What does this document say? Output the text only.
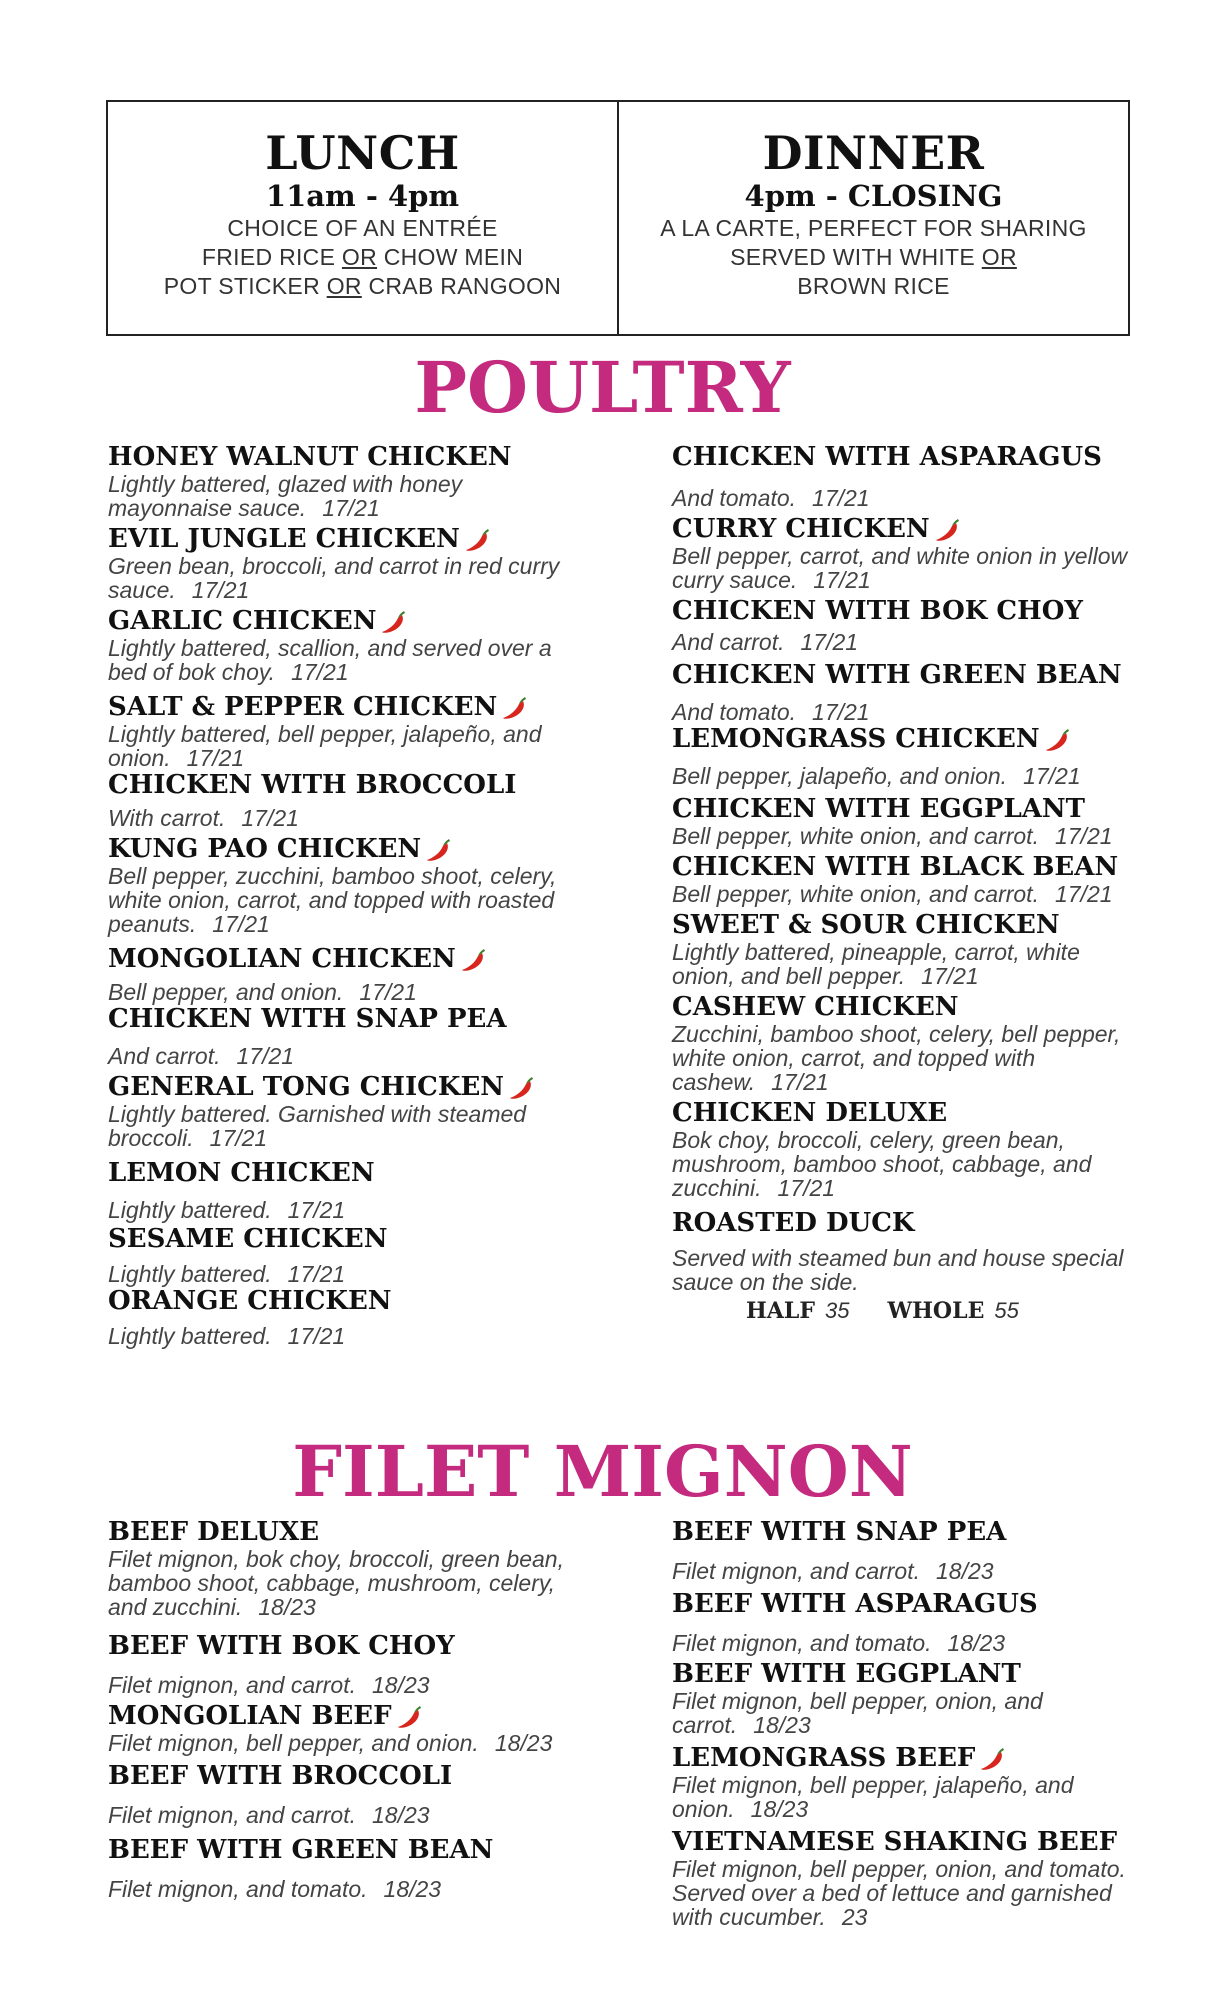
LUNCH
11am - 4pm
CHOICE OF AN ENTRÉE
FRIED RICE OR CHOW MEIN
POT STICKER OR CRAB RANGOON
DINNER
4pm - CLOSING
A LA CARTE, PERFECT FOR SHARING
SERVED WITH WHITE OR
BROWN RICE
POULTRY
HONEY WALNUT CHICKEN
Lightly battered, glazed with honey mayonnaise sauce. 17/21
EVIL JUNGLE CHICKEN
Green bean, broccoli, and carrot in red curry sauce. 17/21
GARLIC CHICKEN
Lightly battered, scallion, and served over a bed of bok choy. 17/21
SALT & PEPPER CHICKEN
Lightly battered, bell pepper, jalapeño, and onion. 17/21
CHICKEN WITH BROCCOLI
With carrot. 17/21
KUNG PAO CHICKEN
Bell pepper, zucchini, bamboo shoot, celery, white onion, carrot, and topped with roasted peanuts. 17/21
MONGOLIAN CHICKEN
Bell pepper, and onion. 17/21
CHICKEN WITH SNAP PEA
And carrot. 17/21
GENERAL TONG CHICKEN
Lightly battered. Garnished with steamed broccoli. 17/21
LEMON CHICKEN
Lightly battered. 17/21
SESAME CHICKEN
Lightly battered. 17/21
ORANGE CHICKEN
Lightly battered. 17/21
CHICKEN WITH ASPARAGUS
And tomato. 17/21
CURRY CHICKEN
Bell pepper, carrot, and white onion in yellow curry sauce. 17/21
CHICKEN WITH BOK CHOY
And carrot. 17/21
CHICKEN WITH GREEN BEAN
And tomato. 17/21
LEMONGRASS CHICKEN
Bell pepper, jalapeño, and onion. 17/21
CHICKEN WITH EGGPLANT
Bell pepper, white onion, and carrot. 17/21
CHICKEN WITH BLACK BEAN
Bell pepper, white onion, and carrot. 17/21
SWEET & SOUR CHICKEN
Lightly battered, pineapple, carrot, white onion, and bell pepper. 17/21
CASHEW CHICKEN
Zucchini, bamboo shoot, celery, bell pepper, white onion, carrot, and topped with cashew. 17/21
CHICKEN DELUXE
Bok choy, broccoli, celery, green bean, mushroom, bamboo shoot, cabbage, and zucchini. 17/21
ROASTED DUCK
Served with steamed bun and house special sauce on the side.
HALF 35 WHOLE 55
FILET MIGNON
BEEF DELUXE
Filet mignon, bok choy, broccoli, green bean, bamboo shoot, cabbage, mushroom, celery, and zucchini. 18/23
BEEF WITH BOK CHOY
Filet mignon, and carrot. 18/23
MONGOLIAN BEEF
Filet mignon, bell pepper, and onion. 18/23
BEEF WITH BROCCOLI
Filet mignon, and carrot. 18/23
BEEF WITH GREEN BEAN
Filet mignon, and tomato. 18/23
BEEF WITH SNAP PEA
Filet mignon, and carrot. 18/23
BEEF WITH ASPARAGUS
Filet mignon, and tomato. 18/23
BEEF WITH EGGPLANT
Filet mignon, bell pepper, onion, and carrot. 18/23
LEMONGRASS BEEF
Filet mignon, bell pepper, jalapeño, and onion. 18/23
VIETNAMESE SHAKING BEEF
Filet mignon, bell pepper, onion, and tomato. Served over a bed of lettuce and garnished with cucumber. 23
